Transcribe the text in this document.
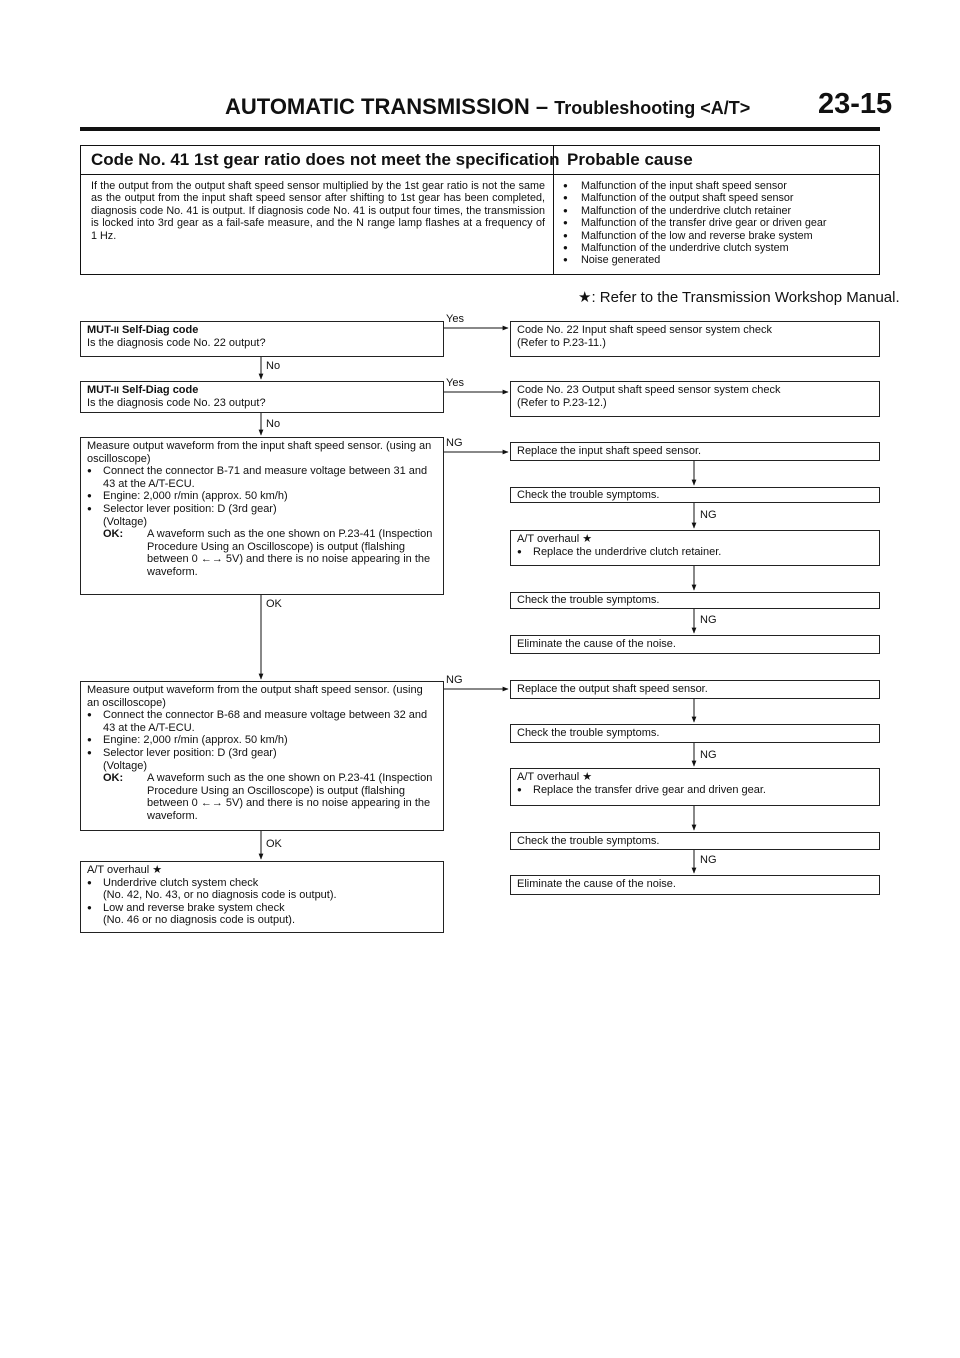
AUTOMATIC TRANSMISSION – Troubleshooting <A/T> 23-15
Code No. 41 1st gear ratio does not meet the specification Probable cause
If the output from the output shaft speed sensor multiplied by the 1st gear ratio is not the same as the output from the input shaft speed sensor after shifting to 1st gear has been completed, diagnosis code No. 41 is output. If diagnosis code No. 41 is output four times, the transmission is locked into 3rd gear as a fail-safe measure, and the N range lamp flashes at a frequency of 1 Hz.
● Malfunction of the input shaft speed sensor
● Malfunction of the output shaft speed sensor
● Malfunction of the underdrive clutch retainer
● Malfunction of the transfer drive gear or driven gear
● Malfunction of the low and reverse brake system
● Malfunction of the underdrive clutch system
● Noise generated
★: Refer to the Transmission Workshop Manual.
Yes
Yes
NG
NG
No
No
OK
OK
NG
NG
NG
NG
MUT-II Self-Diag code
Is the diagnosis code No. 22 output?
MUT-II Self-Diag code
Is the diagnosis code No. 23 output?
Measure output waveform from the input shaft speed sensor. (using an oscilloscope)
● Connect the connector B-71 and measure voltage between 31 and 43 at the A/T-ECU.
● Engine: 2,000 r/min (approx. 50 km/h)
● Selector lever position: D (3rd gear)
(Voltage)
OK:	A waveform such as the one shown on P.23-41 (Inspection Procedure Using an Oscilloscope) is output (flalshing between 0 ←→ 5V) and there is no noise appearing in the waveform.
Measure output waveform from the output shaft speed sensor. (using an oscilloscope)
● Connect the connector B-68 and measure voltage between 32 and 43 at the A/T-ECU.
● Engine: 2,000 r/min (approx. 50 km/h)
● Selector lever position: D (3rd gear)
(Voltage)
OK:	A waveform such as the one shown on P.23-41 (Inspection Procedure Using an Oscilloscope) is output (flalshing between 0 ←→ 5V) and there is no noise appearing in the waveform.
A/T overhaul ★
● Underdrive clutch system check
(No. 42, No. 43, or no diagnosis code is output).
● Low and reverse brake system check
(No. 46 or no diagnosis code is output).
Code No. 22 Input shaft speed sensor system check
(Refer to P.23-11.)
Code No. 23 Output shaft speed sensor system check
(Refer to P.23-12.)
Replace the input shaft speed sensor.
Check the trouble symptoms.
A/T overhaul ★
● Replace the underdrive clutch retainer.
Check the trouble symptoms.
Eliminate the cause of the noise.
Replace the output shaft speed sensor.
Check the trouble symptoms.
A/T overhaul ★
● Replace the transfer drive gear and driven gear.
Check the trouble symptoms.
Eliminate the cause of the noise.
